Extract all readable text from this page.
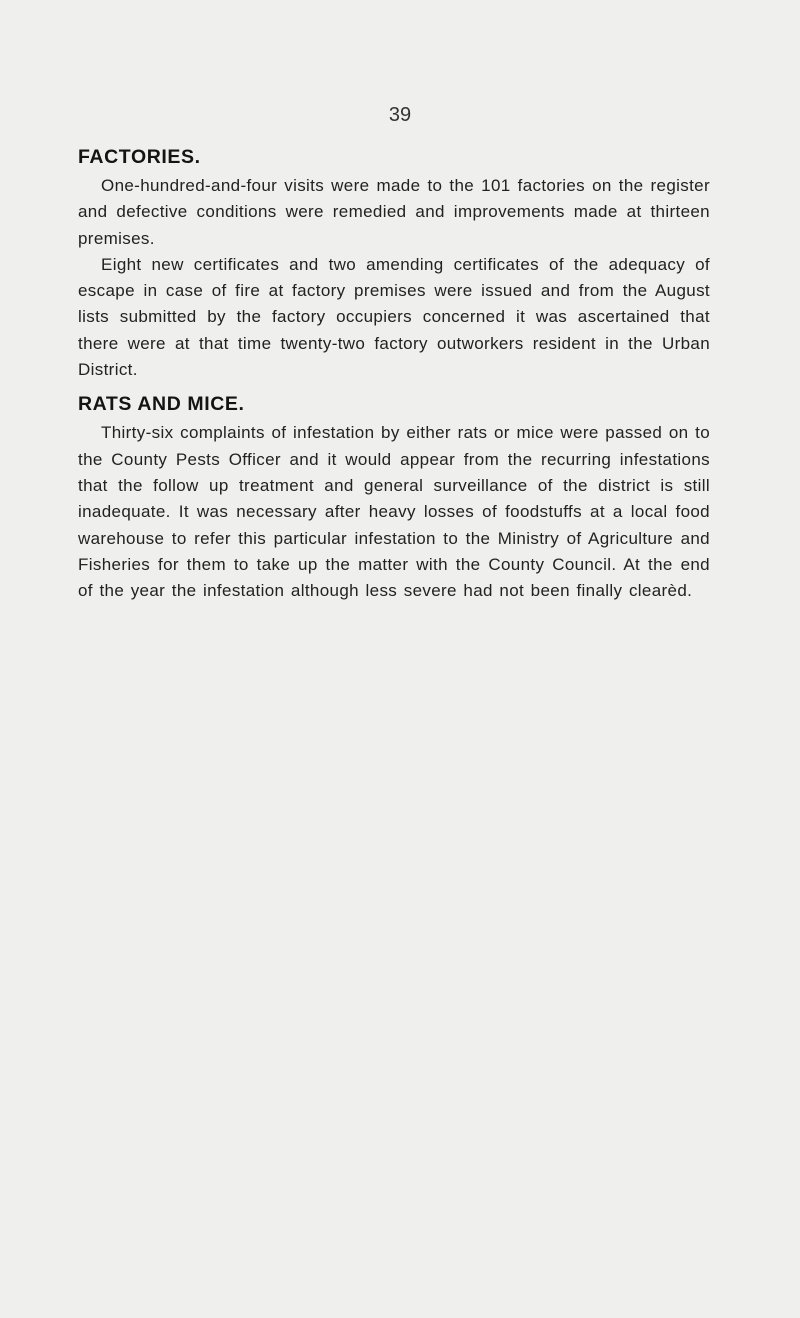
39
FACTORIES.

One-hundred-and-four visits were made to the 101 factories on the register and defective conditions were remedied and improvements made at thirteen premises.

Eight new certificates and two amending certificates of the adequacy of escape in case of fire at factory premises were issued and from the August lists submitted by the factory occupiers concerned it was ascertained that there were at that time twenty-two factory outworkers resident in the Urban District.

RATS AND MICE.

Thirty-six complaints of infestation by either rats or mice were passed on to the County Pests Officer and it would appear from the recurring infestations that the follow up treatment and general surveillance of the district is still inadequate. It was necessary after heavy losses of foodstuffs at a local food warehouse to refer this particular infestation to the Ministry of Agriculture and Fisheries for them to take up the matter with the County Council. At the end of the year the infestation although less severe had not been finally clearèd.
